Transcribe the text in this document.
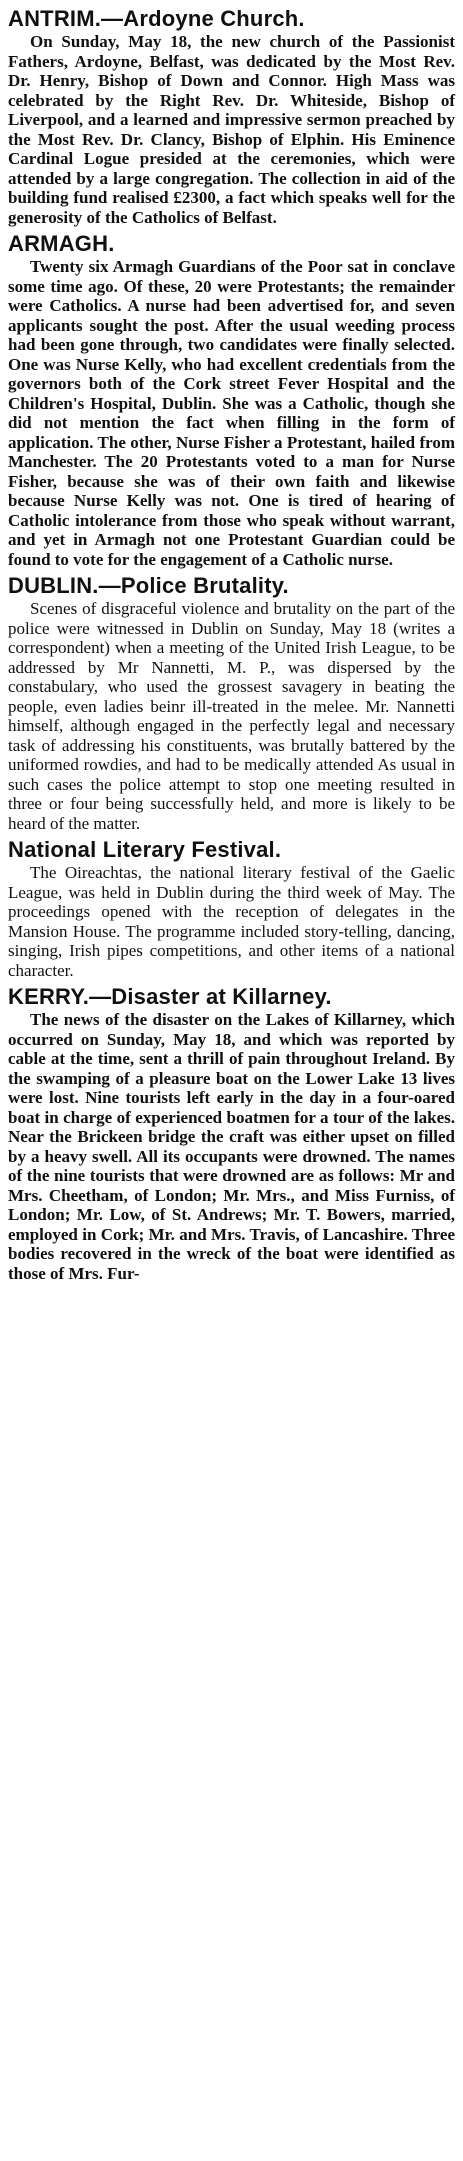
ANTRIM.—Ardoyne Church.

On Sunday, May 18, the new church of the Passionist Fathers, Ardoyne, Belfast, was dedicated by the Most Rev. Dr. Henry, Bishop of Down and Connor. High Mass was celebrated by the Right Rev. Dr. Whiteside, Bishop of Liverpool, and a learned and impressive sermon preached by the Most Rev. Dr. Clancy, Bishop of Elphin. His Eminence Cardinal Logue presided at the ceremonies, which were attended by a large congregation. The collection in aid of the building fund realised £2300, a fact which speaks well for the generosity of the Catholics of Belfast.

ARMAGH.

Twenty six Armagh Guardians of the Poor sat in conclave some time ago. Of these, 20 were Protestants; the remainder were Catholics. A nurse had been advertised for, and seven applicants sought the post. After the usual weeding process had been gone through, two candidates were finally selected. One was Nurse Kelly, who had excellent credentials from the governors both of the Cork street Fever Hospital and the Children's Hospital, Dublin. She was a Catholic, though she did not mention the fact when filling in the form of application. The other, Nurse Fisher a Protestant, hailed from Manchester. The 20 Protestants voted to a man for Nurse Fisher, because she was of their own faith and likewise because Nurse Kelly was not. One is tired of hearing of Catholic intolerance from those who speak without warrant, and yet in Armagh not one Protestant Guardian could be found to vote for the engagement of a Catholic nurse.

DUBLIN.—Police Brutality.

Scenes of disgraceful violence and brutality on the part of the police were witnessed in Dublin on Sunday, May 18 (writes a correspondent) when a meeting of the United Irish League, to be addressed by Mr Nannetti, M. P., was dispersed by the constabulary, who used the grossest savagery in beating the people, even ladies beinr ill-treated in the melee. Mr. Nannetti himself, although engaged in the perfectly legal and necessary task of addressing his constituents, was brutally battered by the uniformed rowdies, and had to be medically attended As usual in such cases the police attempt to stop one meeting resulted in three or four being successfully held, and more is likely to be heard of the matter.

National Literary Festival.

The Oireachtas, the national literary festival of the Gaelic League, was held in Dublin during the third week of May. The proceedings opened with the reception of delegates in the Mansion House. The programme included story-telling, dancing, singing, Irish pipes competitions, and other items of a national character.

KERRY.—Disaster at Killarney.

The news of the disaster on the Lakes of Killarney, which occurred on Sunday, May 18, and which was reported by cable at the time, sent a thrill of pain throughout Ireland. By the swamping of a pleasure boat on the Lower Lake 13 lives were lost. Nine tourists left early in the day in a four-oared boat in charge of experienced boatmen for a tour of the lakes. Near the Brickeen bridge the craft was either upset on filled by a heavy swell. All its occupants were drowned. The names of the nine tourists that were drowned are as follows: Mr and Mrs. Cheetham, of London; Mr. Mrs., and Miss Furniss, of London; Mr. Low, of St. Andrews; Mr. T. Bowers, married, employed in Cork; Mr. and Mrs. Travis, of Lancashire. Three bodies recovered in the wreck of the boat were identified as those of Mrs. Fur-
